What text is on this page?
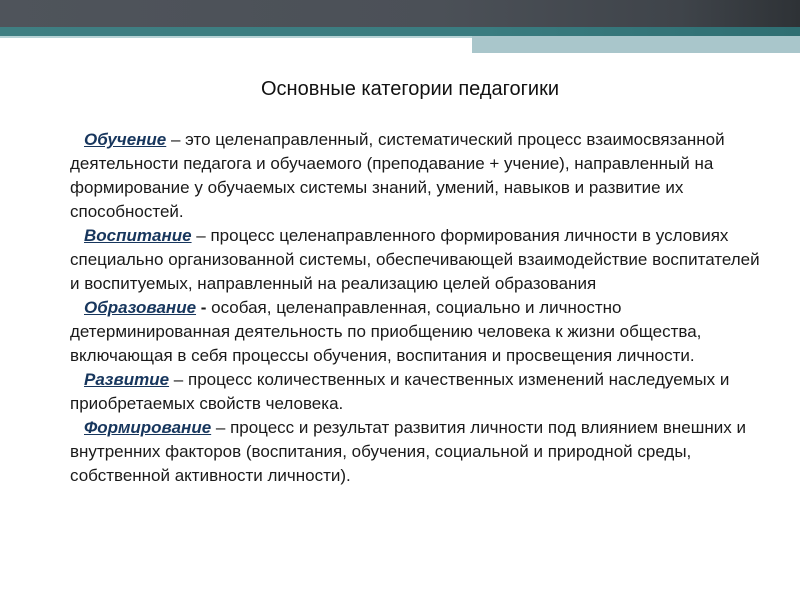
Основные категории педагогики

Обучение – это целенаправленный, систематический процесс взаимосвязанной деятельности педагога и обучаемого (преподавание + учение), направленный на формирование у обучаемых системы знаний, умений, навыков и развитие их способностей.

Воспитание – процесс целенаправленного формирования личности в условиях специально организованной системы, обеспечивающей взаимодействие воспитателей и воспитуемых, направленный на реализацию целей образования

Образование - особая, целенаправленная, социально и личностно детерминированная деятельность по приобщению человека к жизни общества, включающая в себя процессы обучения, воспитания и просвещения личности.

Развитие – процесс количественных и качественных изменений наследуемых и приобретаемых свойств человека.

Формирование – процесс и результат развития личности под влиянием внешних и внутренних факторов (воспитания, обучения, социальной и природной среды, собственной активности личности).
